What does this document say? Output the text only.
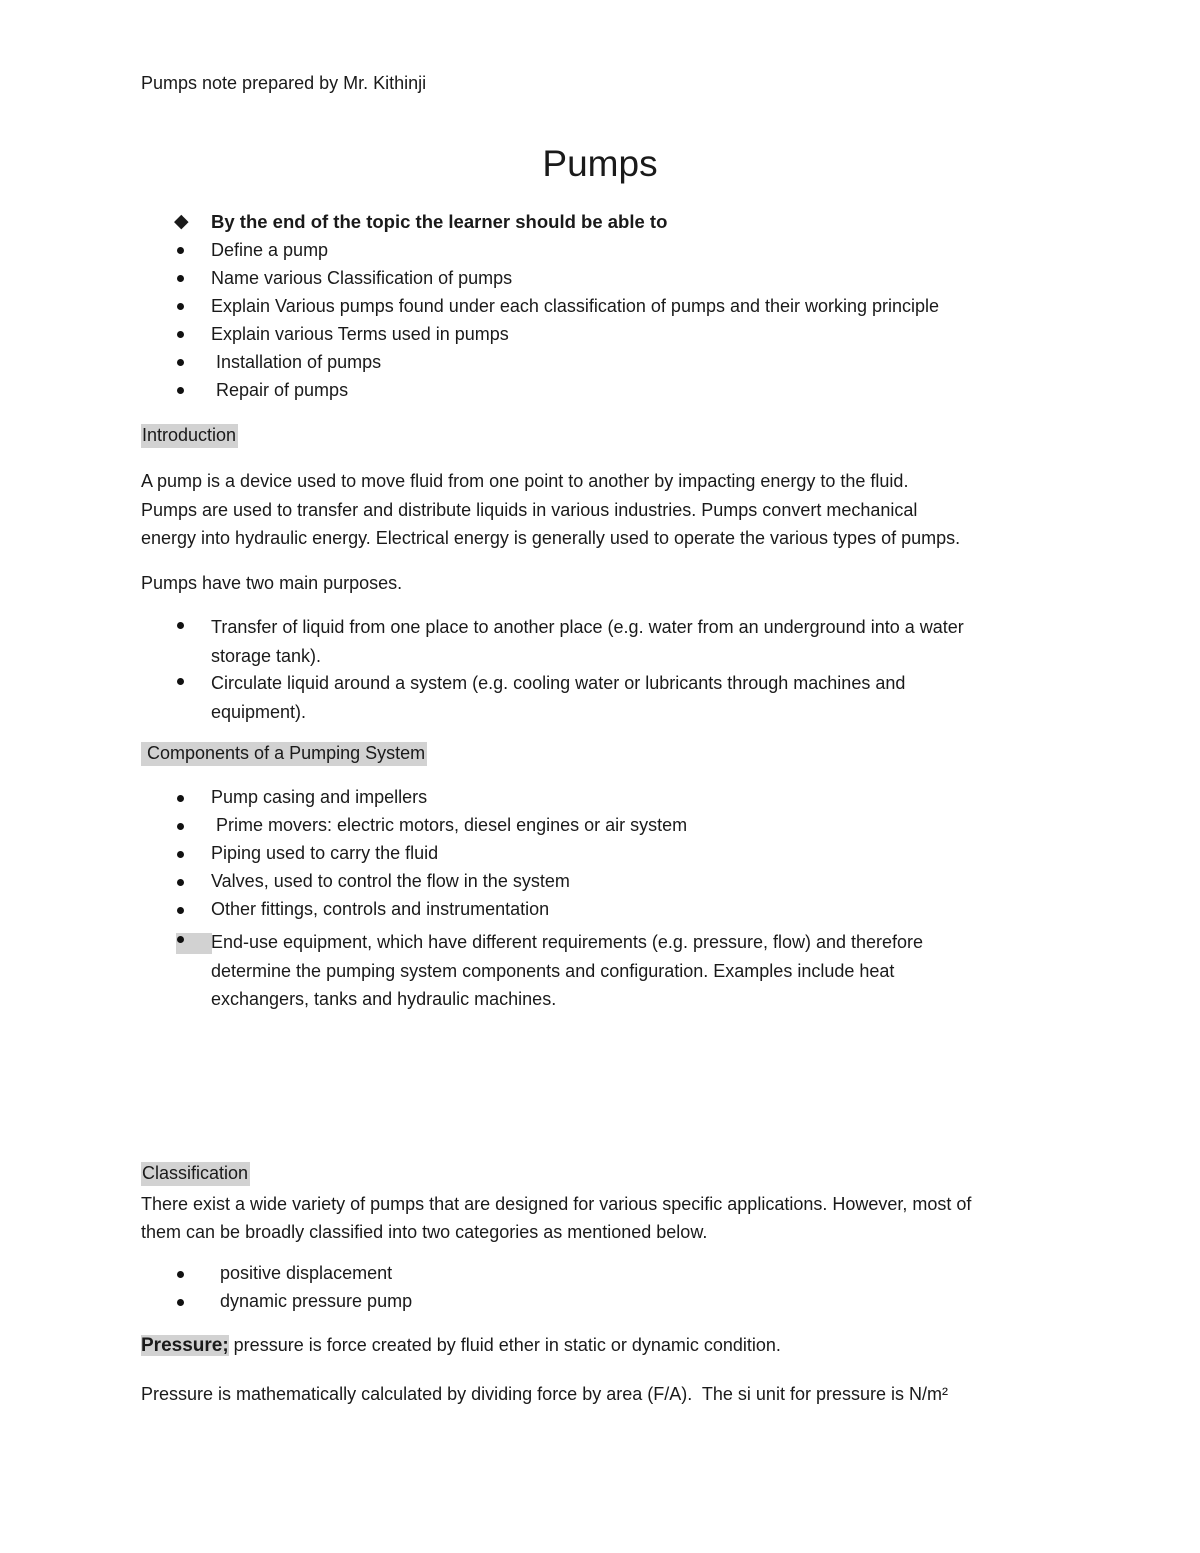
Pumps note prepared by Mr. Kithinji
Pumps
◆ By the end of the topic the learner should be able to
Define a pump
Name various Classification of pumps
Explain Various pumps found under each classification of pumps and their working principle
Explain various Terms used in pumps
Installation of pumps
Repair of pumps
Introduction
A pump is a device used to move fluid from one point to another by impacting energy to the fluid.
Pumps are used to transfer and distribute liquids in various industries. Pumps convert mechanical
energy into hydraulic energy. Electrical energy is generally used to operate the various types of pumps.
Pumps have two main purposes.
Transfer of liquid from one place to another place (e.g. water from an underground into a water
storage tank).
Circulate liquid around a system (e.g. cooling water or lubricants through machines and
equipment).
Components of a Pumping System
Pump casing and impellers
Prime movers: electric motors, diesel engines or air system
Piping used to carry the fluid
Valves, used to control the flow in the system
Other fittings, controls and instrumentation
End-use equipment, which have different requirements (e.g. pressure, flow) and therefore
determine the pumping system components and configuration. Examples include heat
exchangers, tanks and hydraulic machines.
Classification
There exist a wide variety of pumps that are designed for various specific applications. However, most of
them can be broadly classified into two categories as mentioned below.
positive displacement
dynamic pressure pump
Pressure; pressure is force created by fluid ether in static or dynamic condition.
Pressure is mathematically calculated by dividing force by area (F/A).  The si unit for pressure is N/m²
